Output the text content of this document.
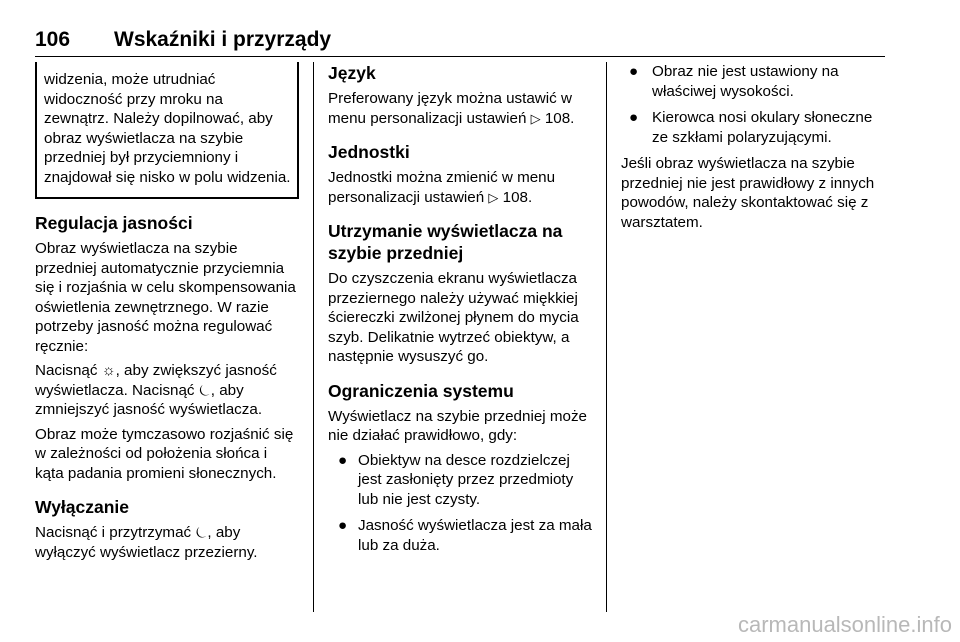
106 Wskaźniki i przyrządy
widzenia, może utrudniać widoczność przy mroku na zewnątrz. Należy dopilnować, aby obraz wyświetlacza na szybie przedniej był przyciemniony i znajdował się nisko w polu widzenia.
Regulacja jasności

Obraz wyświetlacza na szybie przedniej automatycznie przyciemnia się i rozjaśnia w celu skompensowania oświetlenia zewnętrznego. W razie potrzeby jasność można regulować ręcznie:

Nacisnąć ☼, aby zwiększyć jasność wyświetlacza. Nacisnąć ⏾, aby zmniejszyć jasność wyświetlacza.

Obraz może tymczasowo rozjaśnić się w zależności od położenia słońca i kąta padania promieni słonecznych.

Wyłączanie

Nacisnąć i przytrzymać ⏾, aby wyłączyć wyświetlacz przezierny.

Język

Preferowany język można ustawić w menu personalizacji ustawień ▷ 108.

Jednostki

Jednostki można zmienić w menu personalizacji ustawień ▷ 108.

Utrzymanie wyświetlacza na szybie przedniej

Do czyszczenia ekranu wyświetlacza przeziernego należy używać miękkiej ściereczki zwilżonej płynem do mycia szyb. Delikatnie wytrzeć obiektyw, a następnie wysuszyć go.

Ograniczenia systemu

Wyświetlacz na szybie przedniej może nie działać prawidłowo, gdy:

● Obiektyw na desce rozdzielczej jest zasłonięty przez przedmioty lub nie jest czysty.
● Jasność wyświetlacza jest za mała lub za duża.
● Obraz nie jest ustawiony na właściwej wysokości.
● Kierowca nosi okulary słoneczne ze szkłami polaryzującymi.

Jeśli obraz wyświetlacza na szybie przedniej nie jest prawidłowy z innych powodów, należy skontaktować się z warsztatem.

carmanualsonline.info
